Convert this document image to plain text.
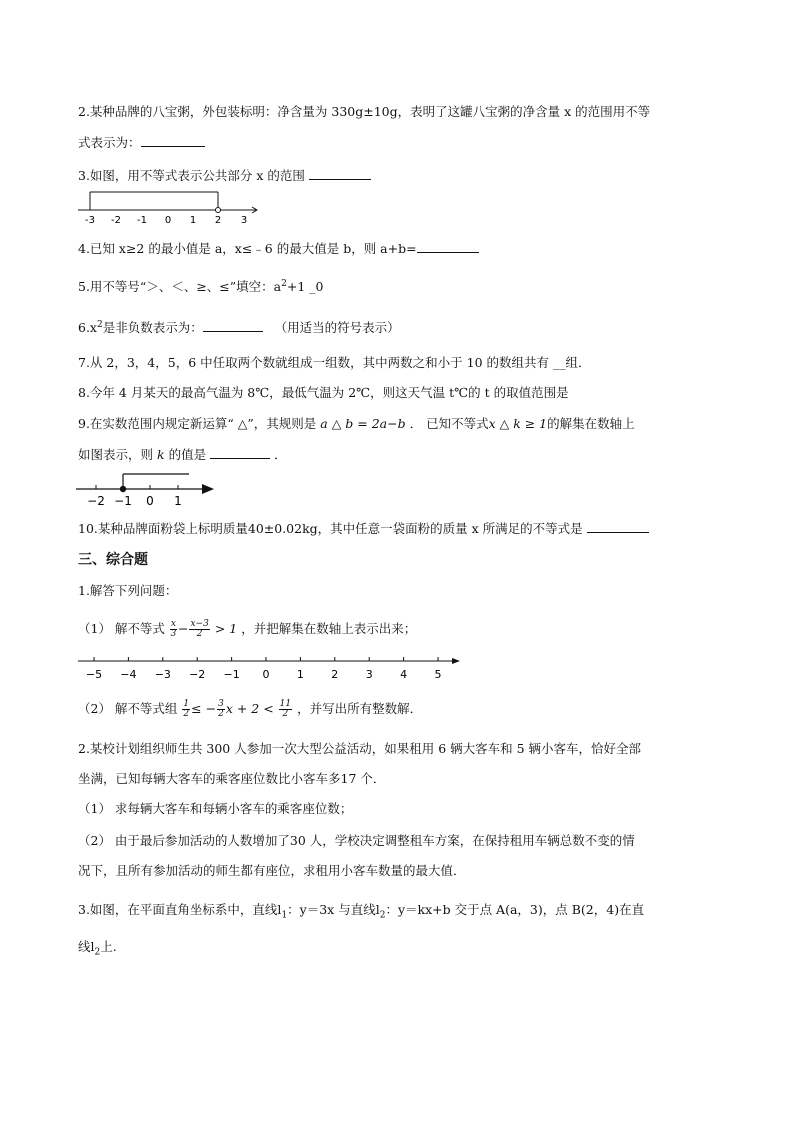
2.某种品牌的八宝粥，外包装标明：净含量为 330g±10g，表明了这罐八宝粥的净含量 x 的范围用不等
式表示为：
3.如图，用不等式表示公共部分 x 的范围
-3 -2 -1 0 1 2 3
4.已知 x≥2 的最小值是 a，x≤﹣6 的最大值是 b，则 a+b=
5.用不等号“＞、＜、≥、≤”填空：$a^2+1$ _0
$6.x^2$是非负数表示为：	（用适当的符号表示）
7.从 2，3，4，5，6 中任取两个数就组成一组数，其中两数之和小于 10 的数组共有 __组．
8.今年 4 月某天的最高气温为 8℃，最低气温为 2℃，则这天气温 t℃的 t 的取值范围是
9.在实数范围内规定新运算“ △”，其规则是 a △ b = 2a−b ． 已知不等式x △ k ≥ 1的解集在数轴上
如图表示，则 k 的值是	．
−2 −1 0 1
10.某种品牌面粉袋上标明质量40±0.02kg，其中任意一袋面粉的质量 x 所满足的不等式是
三、综合题
1.解答下列问题：
（1） 解不等式 $\frac{x}{3} - \frac{x-3}{2} > 1$ ，并把解集在数轴上表示出来；
−5 −4 −3 −2 −1 0 1 2 3 4 5
（2） 解不等式组 $\frac{1}{2}$ ≤ − $\frac{3}{2}$ $x + 2 < \frac{11}{2}$ ，并写出所有整数解．
2.某校计划组织师生共 300 人参加一次大型公益活动，如果租用 6 辆大客车和 5 辆小客车，恰好全部
坐满，已知每辆大客车的乘客座位数比小客车多17 个．
（1） 求每辆大客车和每辆小客车的乘客座位数；
（2） 由于最后参加活动的人数增加了30 人，学校决定调整租车方案，在保持租用车辆总数不变的情
况下，且所有参加活动的师生都有座位，求租用小客车数量的最大值．
3.如图，在平面直角坐标系中，直线$l_1$：y＝3x 与直线$l_2$：y＝kx+b 交于点 A(a，3)，点 B(2，4)在直
线$l_2$上.
